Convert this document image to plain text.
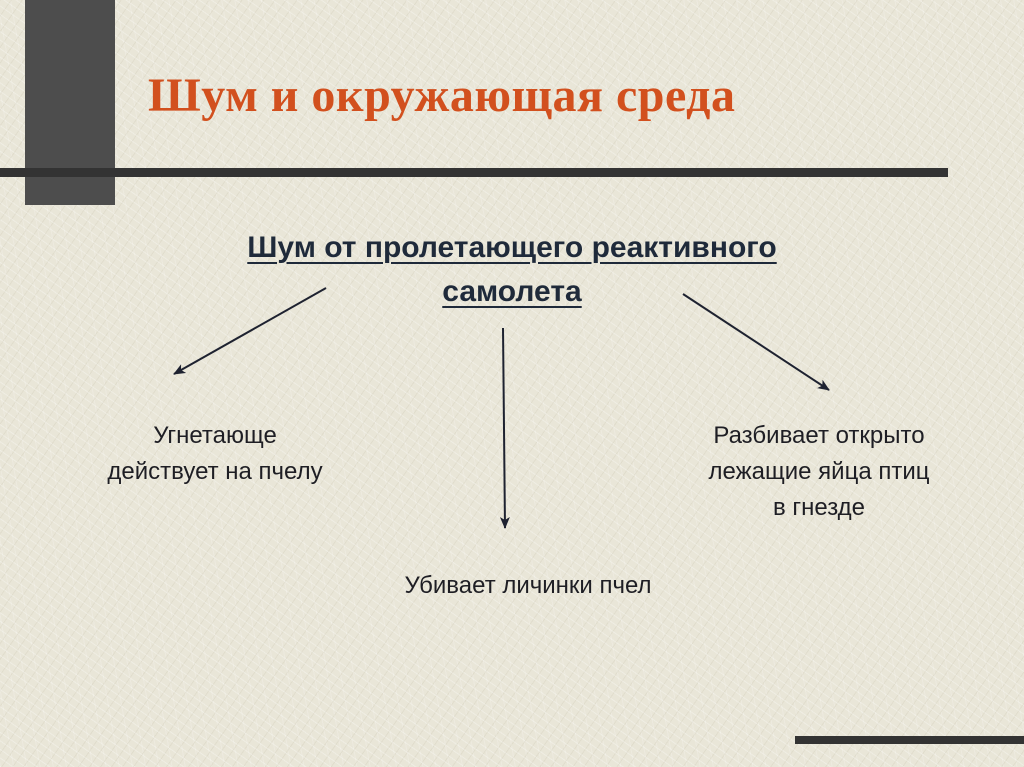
Шум и окружающая среда
Шум от пролетающего реактивного
самолета
Угнетающе
действует на пчелу
Убивает личинки пчел
Разбивает открыто
лежащие яйца птиц
в гнезде
